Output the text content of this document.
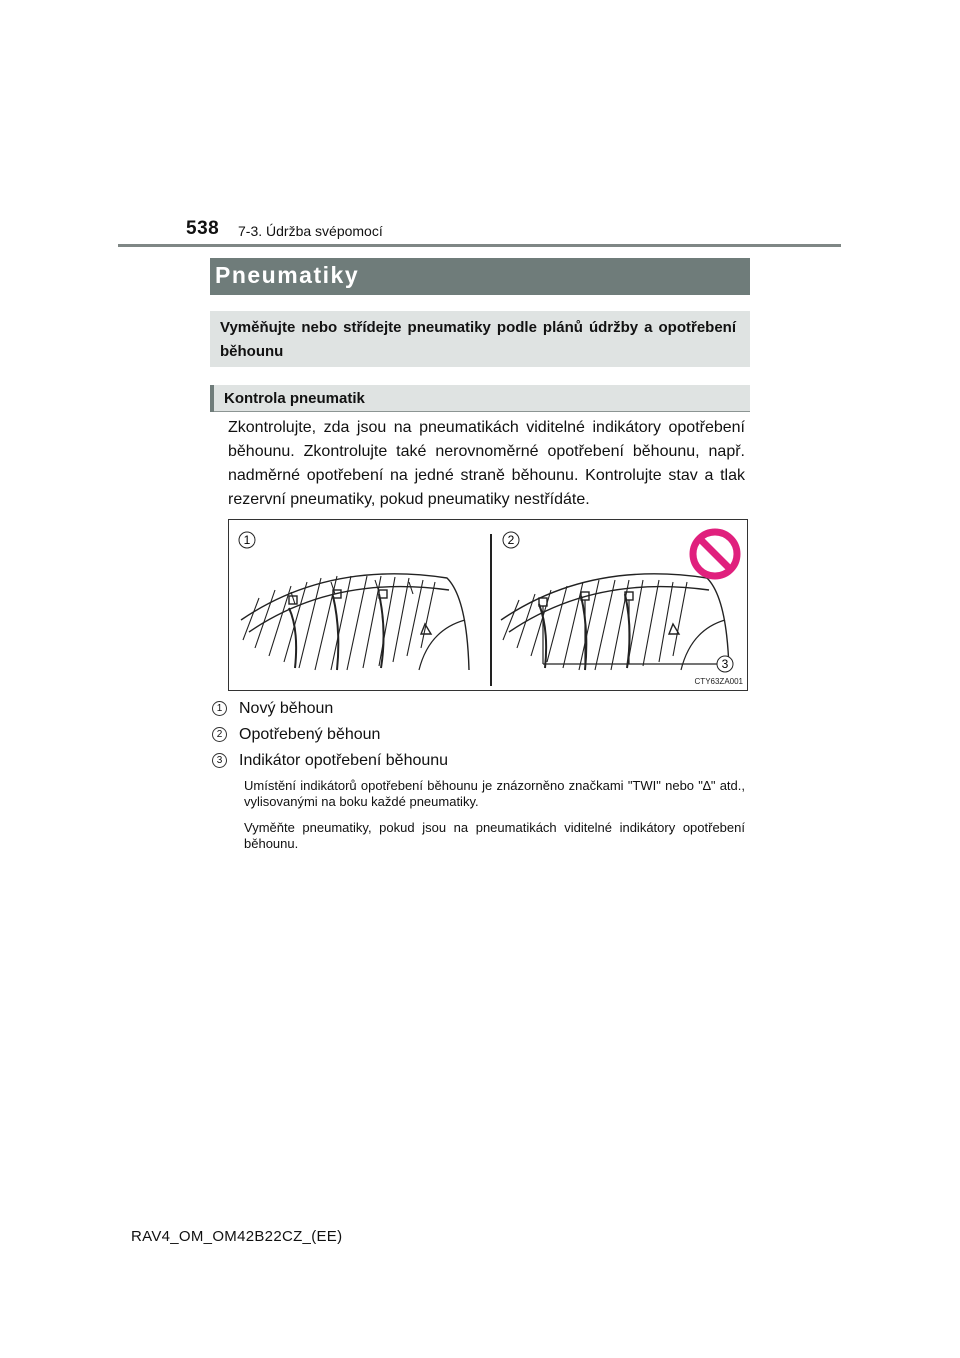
538 7-3. Údržba svépomocí
Pneumatiky
Vyměňujte nebo střídejte pneumatiky podle plánů údržby a opotřebení běhounu
Kontrola pneumatik
Zkontrolujte, zda jsou na pneumatikách viditelné indikátory opotřebení běhounu. Zkontrolujte také nerovnoměrné opotřebení běhounu, např. nadměrné opotřebení na jedné straně běhounu. Kontrolujte stav a tlak rezervní pneumatiky, pokud pneumatiky nestřídáte.
1	2
3
CTY63ZA001
1 Nový běhoun
2 Opotřebený běhoun
3 Indikátor opotřebení běhounu
Umístění indikátorů opotřebení běhounu je znázorněno značkami "TWI" nebo "∆" atd., vylisovanými na boku každé pneumatiky.
Vyměňte pneumatiky, pokud jsou na pneumatikách viditelné indikátory opotřebení běhounu.
RAV4_OM_OM42B22CZ_(EE)
